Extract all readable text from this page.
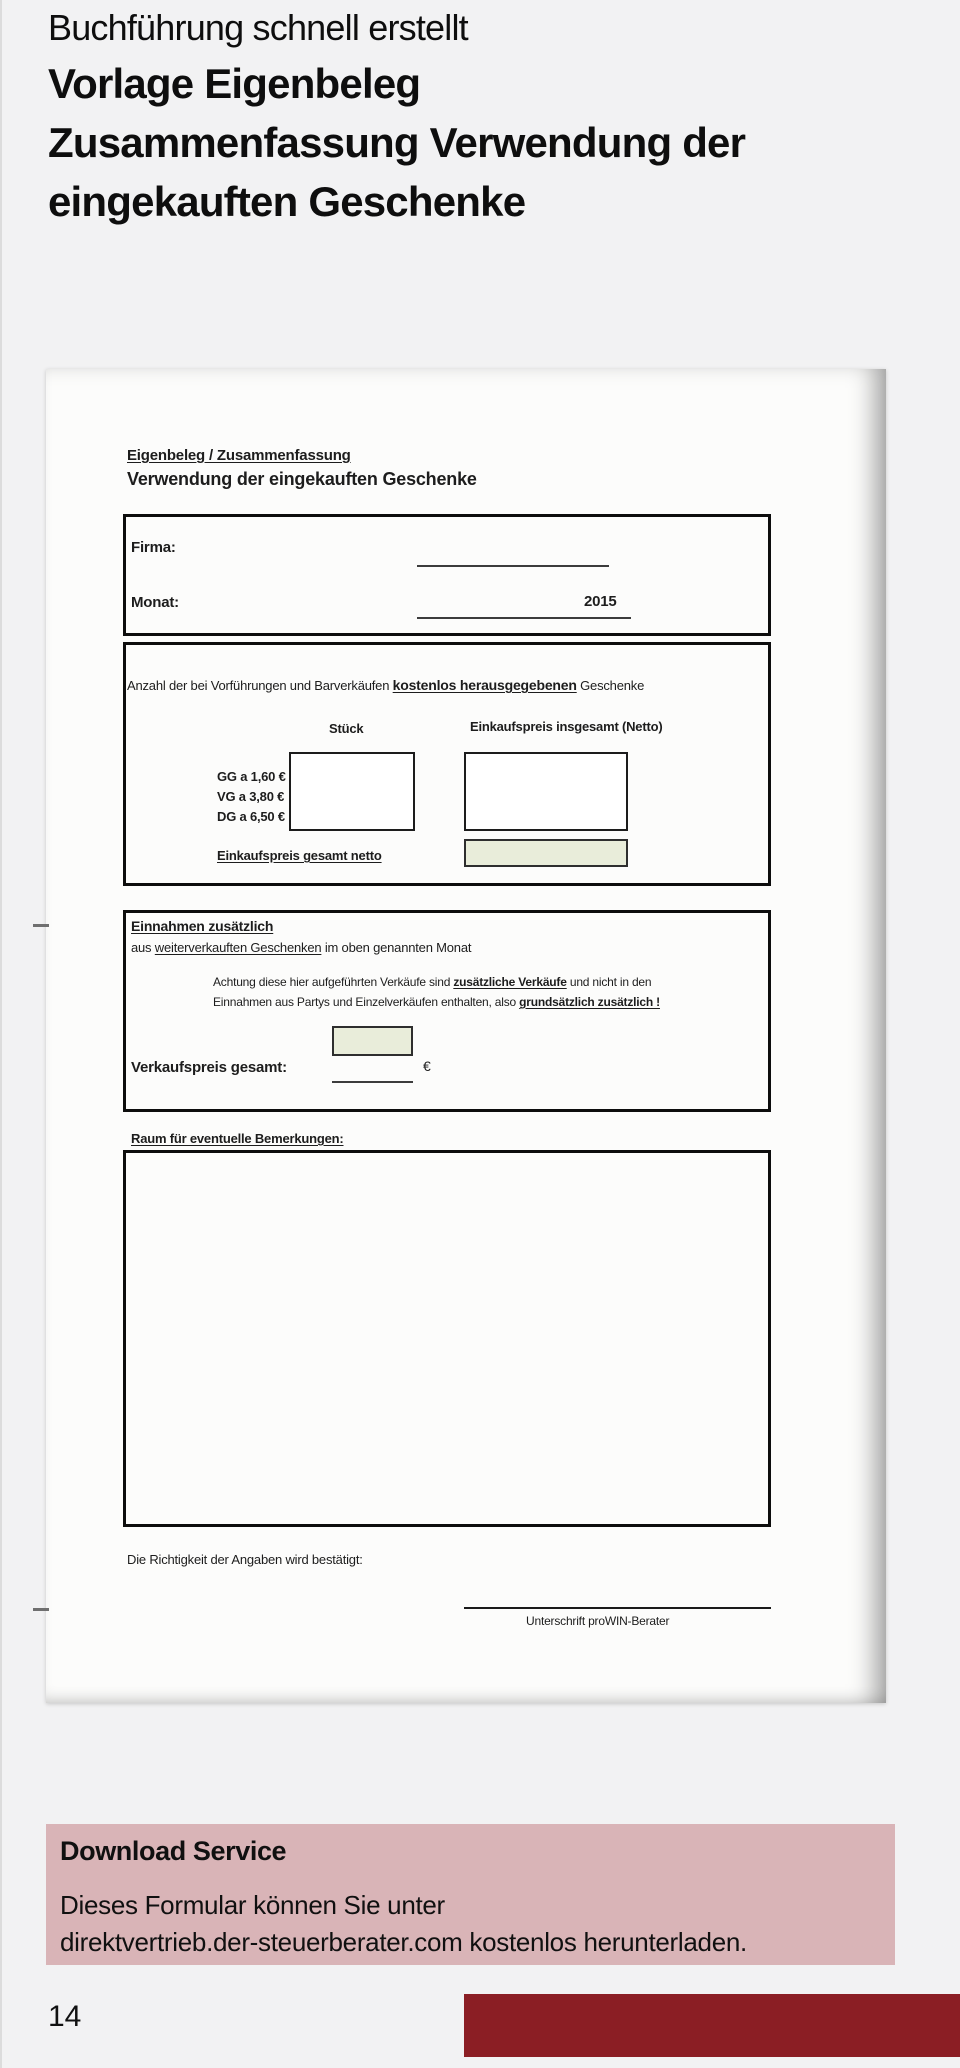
Buchführung schnell erstellt
Vorlage Eigenbeleg
Zusammenfassung Verwendung der eingekauften Geschenke
Eigenbeleg / Zusammenfassung
Verwendung der eingekauften Geschenke
Firma:
Monat:	2015
Anzahl der bei Vorführungen und Barverkäufen kostenlos herausgegebenen Geschenke
Stück	Einkaufspreis insgesamt (Netto)
GG a 1,60 €
VG a 3,80 €
DG a 6,50 €
Einkaufspreis gesamt netto
Einnahmen zusätzlich
aus weiterverkauften Geschenken im oben genannten Monat
Achtung diese hier aufgeführten Verkäufe sind zusätzliche Verkäufe und nicht in den
Einnahmen aus Partys und Einzelverkäufen enthalten, also grundsätzlich zusätzlich !
Verkaufspreis gesamt:	€
Raum für eventuelle Bemerkungen:
Die Richtigkeit der Angaben wird bestätigt:
Unterschrift proWIN-Berater
Download Service
Dieses Formular können Sie unter
direktvertrieb.der-steuerberater.com kostenlos herunterladen.
14
